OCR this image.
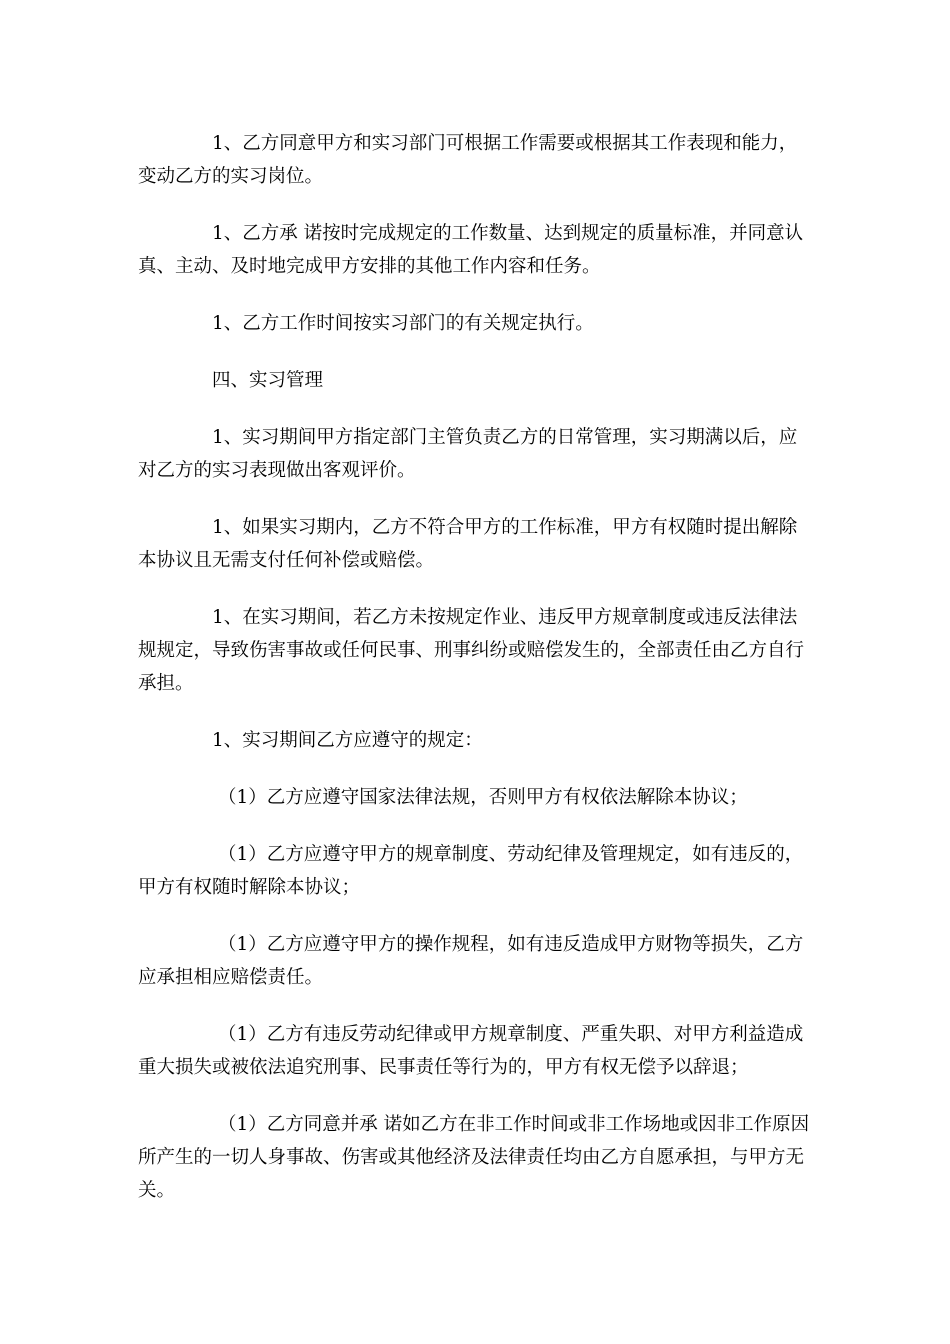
1、乙方同意甲方和实习部门可根据工作需要或根据其工作表现和能力，变动乙方的实习岗位。

1、乙方承 诺按时完成规定的工作数量、达到规定的质量标准，并同意认真、主动、及时地完成甲方安排的其他工作内容和任务。

1、乙方工作时间按实习部门的有关规定执行。

四、实习管理

1、实习期间甲方指定部门主管负责乙方的日常管理，实习期满以后，应对乙方的实习表现做出客观评价。

1、如果实习期内，乙方不符合甲方的工作标准，甲方有权随时提出解除本协议且无需支付任何补偿或赔偿。

1、在实习期间，若乙方未按规定作业、违反甲方规章制度或违反法律法规规定，导致伤害事故或任何民事、刑事纠纷或赔偿发生的，全部责任由乙方自行承担。

1、实习期间乙方应遵守的规定：

（1）乙方应遵守国家法律法规，否则甲方有权依法解除本协议；

（1）乙方应遵守甲方的规章制度、劳动纪律及管理规定，如有违反的，甲方有权随时解除本协议；

（1）乙方应遵守甲方的操作规程，如有违反造成甲方财物等损失，乙方应承担相应赔偿责任。

（1）乙方有违反劳动纪律或甲方规章制度、严重失职、对甲方利益造成重大损失或被依法追究刑事、民事责任等行为的，甲方有权无偿予以辞退；

（1）乙方同意并承 诺如乙方在非工作时间或非工作场地或因非工作原因所产生的一切人身事故、伤害或其他经济及法律责任均由乙方自愿承担，与甲方无关。
